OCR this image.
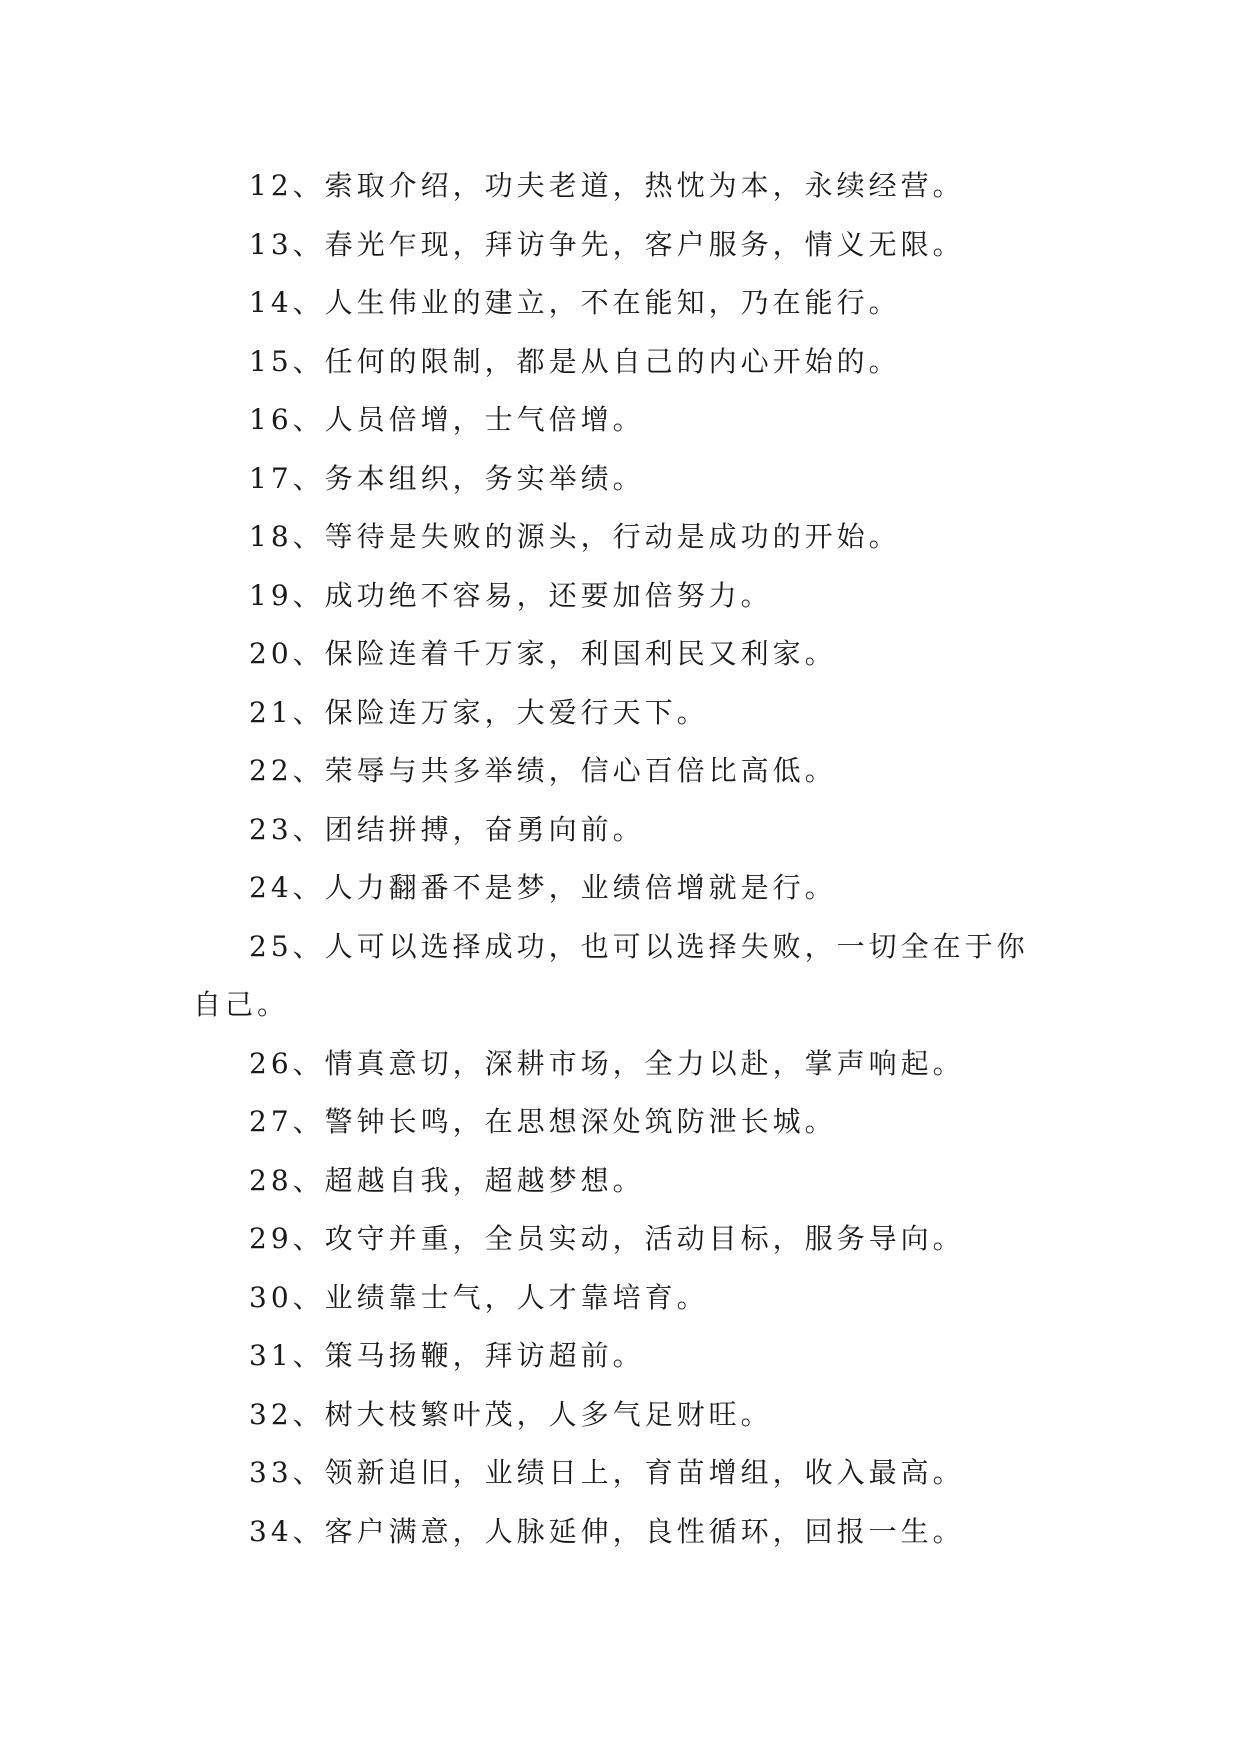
12、索取介绍，功夫老道，热忱为本，永续经营。

13、春光乍现，拜访争先，客户服务，情义无限。

14、人生伟业的建立，不在能知，乃在能行。

15、任何的限制，都是从自己的内心开始的。

16、人员倍增，士气倍增。

17、务本组织，务实举绩。

18、等待是失败的源头，行动是成功的开始。

19、成功绝不容易，还要加倍努力。

20、保险连着千万家，利国利民又利家。

21、保险连万家，大爱行天下。

22、荣辱与共多举绩，信心百倍比高低。

23、团结拼搏，奋勇向前。

24、人力翻番不是梦，业绩倍增就是行。

25、人可以选择成功，也可以选择失败，一切全在于你自己。

26、情真意切，深耕市场，全力以赴，掌声响起。

27、警钟长鸣，在思想深处筑防泄长城。

28、超越自我，超越梦想。

29、攻守并重，全员实动，活动目标，服务导向。

30、业绩靠士气，人才靠培育。

31、策马扬鞭，拜访超前。

32、树大枝繁叶茂，人多气足财旺。

33、领新追旧，业绩日上，育苗增组，收入最高。

34、客户满意，人脉延伸，良性循环，回报一生。
